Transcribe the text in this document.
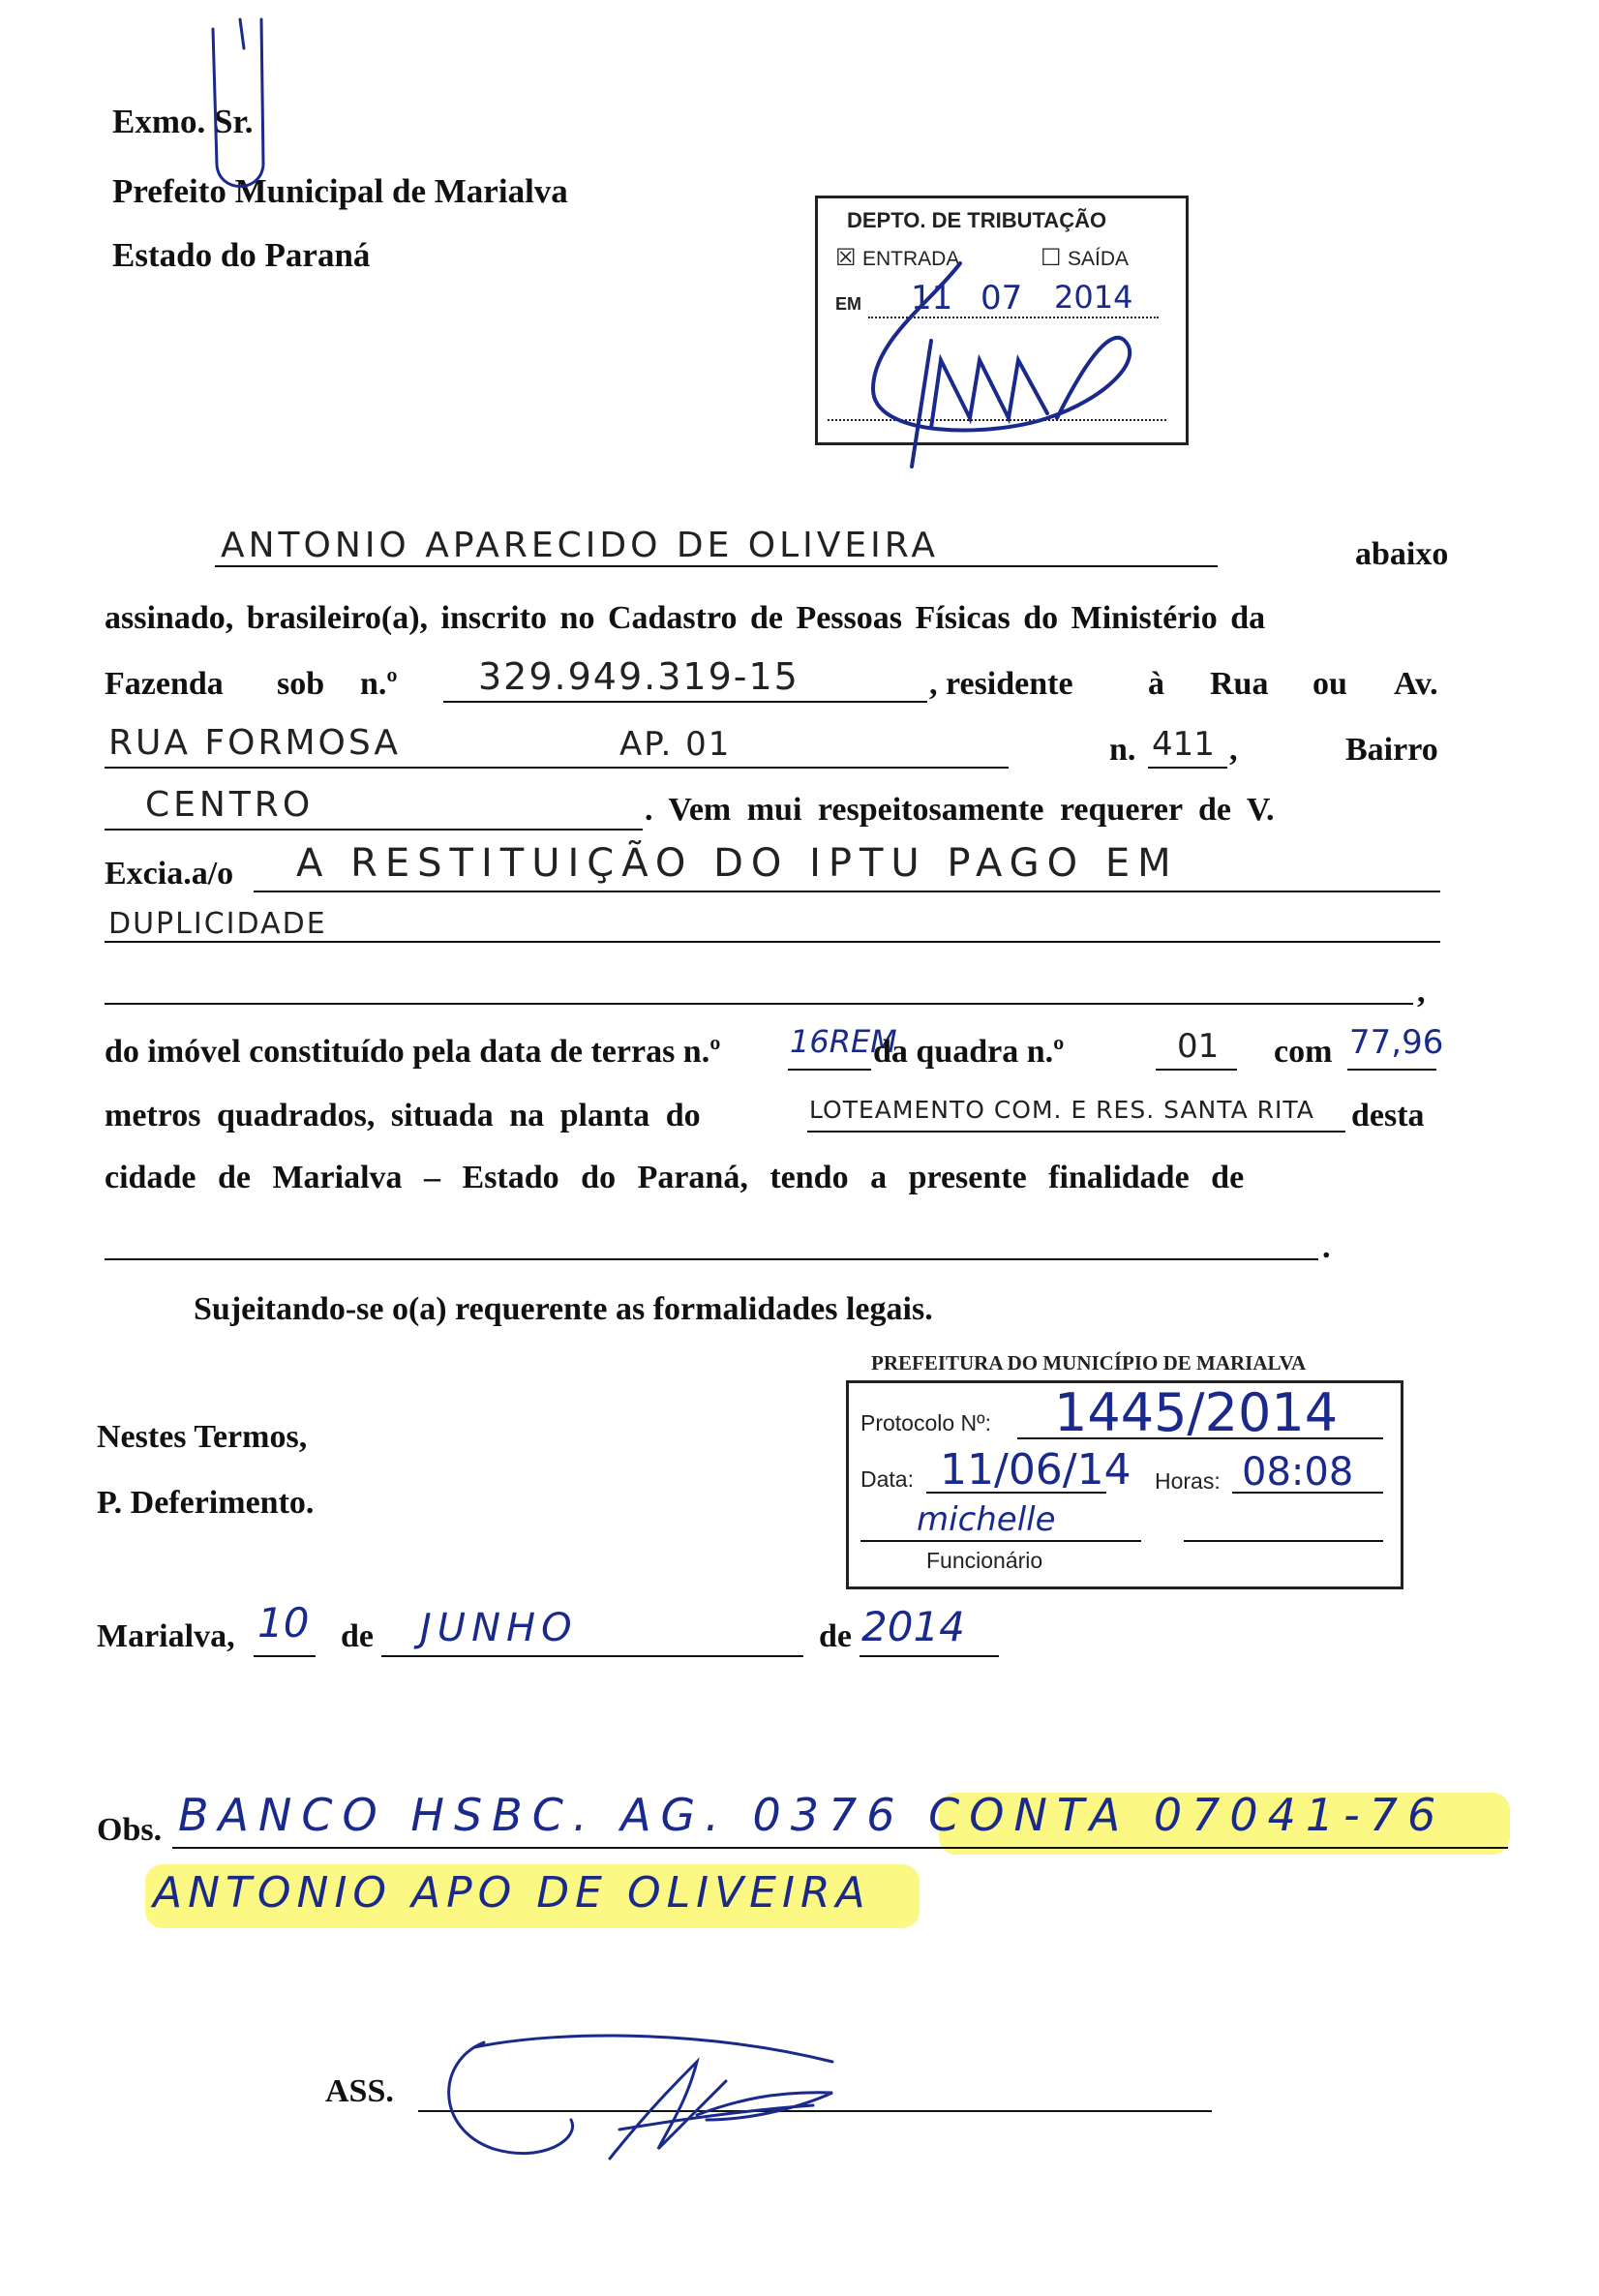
Exmo. Sr.
Prefeito Municipal de Marialva
Estado do Paraná
DEPTO. DE TRIBUTAÇÃO
☒ ENTRADA	☐ SAÍDA
EM 11 07 2014
ANTONIO APARECIDO DE OLIVEIRA	abaixo
assinado, brasileiro(a), inscrito no Cadastro de Pessoas Físicas do Ministério da
Fazenda sob n.º 329.949.319-15	, residente à Rua ou Av.
RUA FORMOSA	AP. 01	n. 411 ,	Bairro
CENTRO	. Vem mui respeitosamente requerer de V.
Excia.a/o A RESTITUIÇÃO DO IPTU PAGO EM
DUPLICIDADE
,
do imóvel constituído pela data de terras n.º 16REM
da quadra n.º	01 com 77,96
metros quadrados, situada na planta do	LOTEAMENTO COM. E RES. SANTA RITA desta
cidade de Marialva – Estado do Paraná, tendo a presente finalidade de
.
Sujeitando-se o(a) requerente as formalidades legais.
PREFEITURA DO MUNICÍPIO DE MARIALVA
Protocolo Nº: 1445/2014
Data: 11/06/14 Horas: 08:08
michelle
Funcionário
Nestes Termos,
P. Deferimento.
Marialva, 10 de JUNHO	de 2014
Obs. BANCO HSBC. AG. 0376 CONTA 07041-76
ANTONIO APO DE OLIVEIRA
ASS.
